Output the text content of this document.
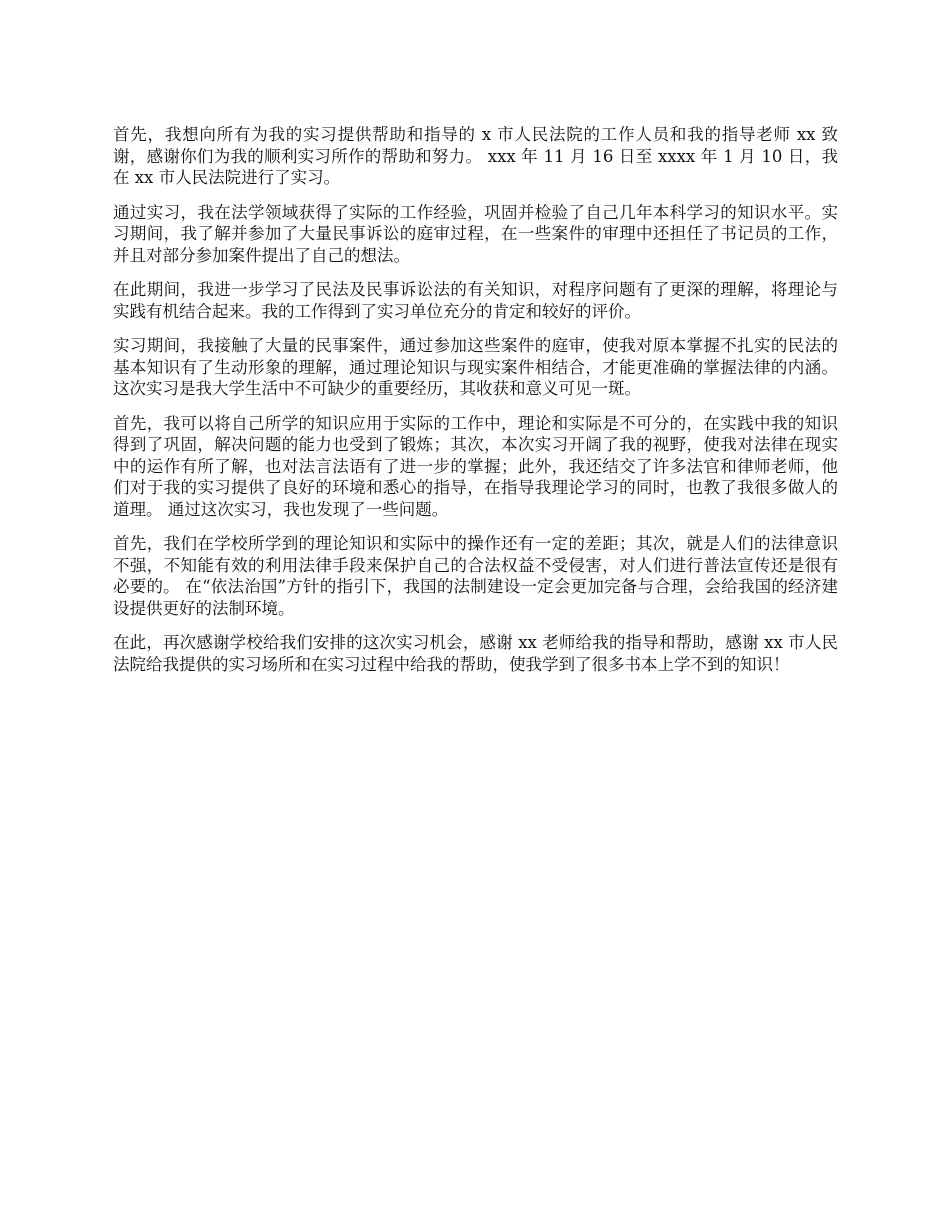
首先，我想向所有为我的实习提供帮助和指导的 x 市人民法院的工作人员和我的指导老师 xx 致谢，感谢你们为我的顺利实习所作的帮助和努力。 xxx 年 11 月 16 日至 xxxx 年 1 月 10 日，我在 xx 市人民法院进行了实习。

通过实习，我在法学领域获得了实际的工作经验，巩固并检验了自己几年本科学习的知识水平。实习期间，我了解并参加了大量民事诉讼的庭审过程，在一些案件的审理中还担任了书记员的工作，并且对部分参加案件提出了自己的想法。

在此期间，我进一步学习了民法及民事诉讼法的有关知识，对程序问题有了更深的理解，将理论与实践有机结合起来。我的工作得到了实习单位充分的肯定和较好的评价。

实习期间，我接触了大量的民事案件，通过参加这些案件的庭审，使我对原本掌握不扎实的民法的基本知识有了生动形象的理解，通过理论知识与现实案件相结合，才能更准确的掌握法律的内涵。 这次实习是我大学生活中不可缺少的重要经历，其收获和意义可见一斑。

首先，我可以将自己所学的知识应用于实际的工作中，理论和实际是不可分的，在实践中我的知识得到了巩固，解决问题的能力也受到了锻炼；其次，本次实习开阔了我的视野，使我对法律在现实中的运作有所了解，也对法言法语有了进一步的掌握；此外，我还结交了许多法官和律师老师，他们对于我的实习提供了良好的环境和悉心的指导，在指导我理论学习的同时，也教了我很多做人的道理。 通过这次实习，我也发现了一些问题。

首先，我们在学校所学到的理论知识和实际中的操作还有一定的差距；其次，就是人们的法律意识不强，不知能有效的利用法律手段来保护自己的合法权益不受侵害，对人们进行普法宣传还是很有必要的。 在“依法治国”方针的指引下，我国的法制建设一定会更加完备与合理，会给我国的经济建设提供更好的法制环境。

在此，再次感谢学校给我们安排的这次实习机会，感谢 xx 老师给我的指导和帮助，感谢 xx 市人民法院给我提供的实习场所和在实习过程中给我的帮助，使我学到了很多书本上学不到的知识！
